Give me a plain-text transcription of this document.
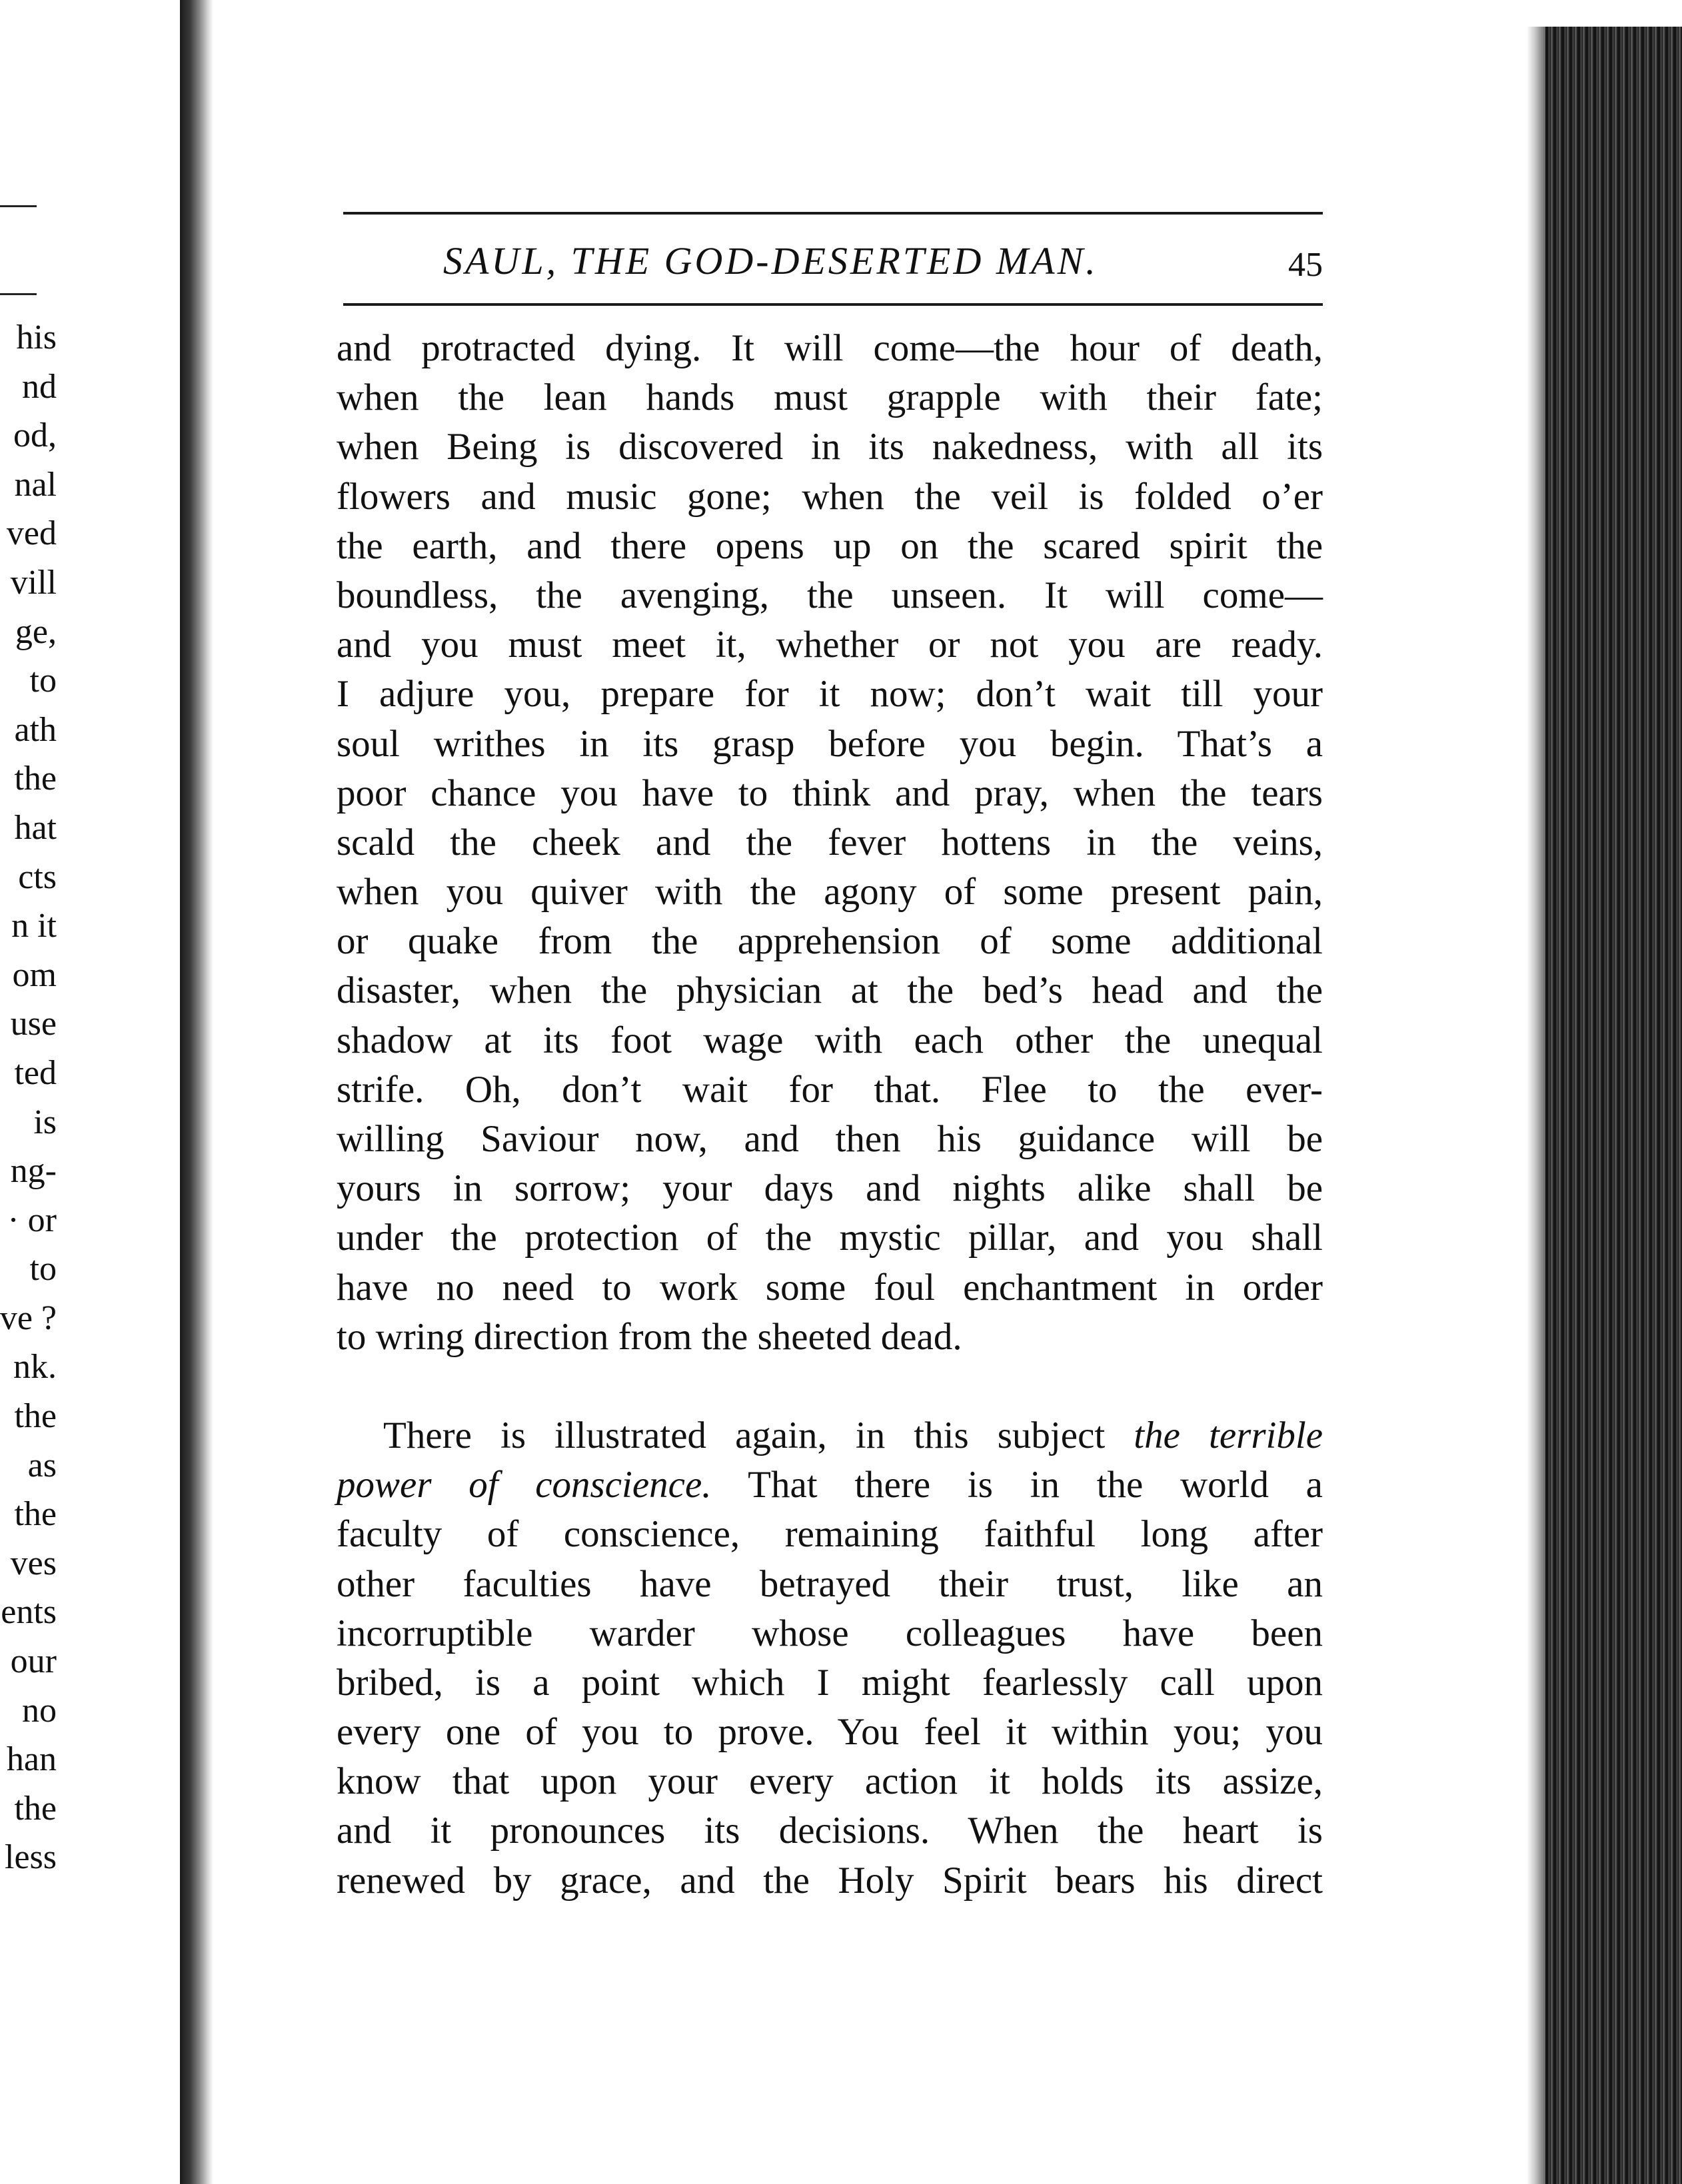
his
nd
od,
nal
ved
vill
ge,
to
ath
the
hat
cts
n it
om
use
ted
is
ng-
· or
to
ve ?
nk.
the
as
the
ves
ents
our
no
han
the
less
SAUL, THE GOD-DESERTED MAN.	45
and protracted dying. It will come—the hour of death,
when the lean hands must grapple with their fate;
when Being is discovered in its nakedness, with all its
flowers and music gone; when the veil is folded o’er
the earth, and there opens up on the scared spirit the
boundless, the avenging, the unseen. It will come—
and you must meet it, whether or not you are ready.
I adjure you, prepare for it now; don’t wait till your
soul writhes in its grasp before you begin. That’s a
poor chance you have to think and pray, when the tears
scald the cheek and the fever hottens in the veins,
when you quiver with the agony of some present pain,
or quake from the apprehension of some additional
disaster, when the physician at the bed’s head and the
shadow at its foot wage with each other the unequal
strife. Oh, don’t wait for that. Flee to the ever-
willing Saviour now, and then his guidance will be
yours in sorrow; your days and nights alike shall be
under the protection of the mystic pillar, and you shall
have no need to work some foul enchantment in order
to wring direction from the sheeted dead.
There is illustrated again, in this subject the terrible
power of conscience. That there is in the world a
faculty of conscience, remaining faithful long after
other faculties have betrayed their trust, like an
incorruptible warder whose colleagues have been
bribed, is a point which I might fearlessly call upon
every one of you to prove. You feel it within you; you
know that upon your every action it holds its assize,
and it pronounces its decisions. When the heart is
renewed by grace, and the Holy Spirit bears his direct
